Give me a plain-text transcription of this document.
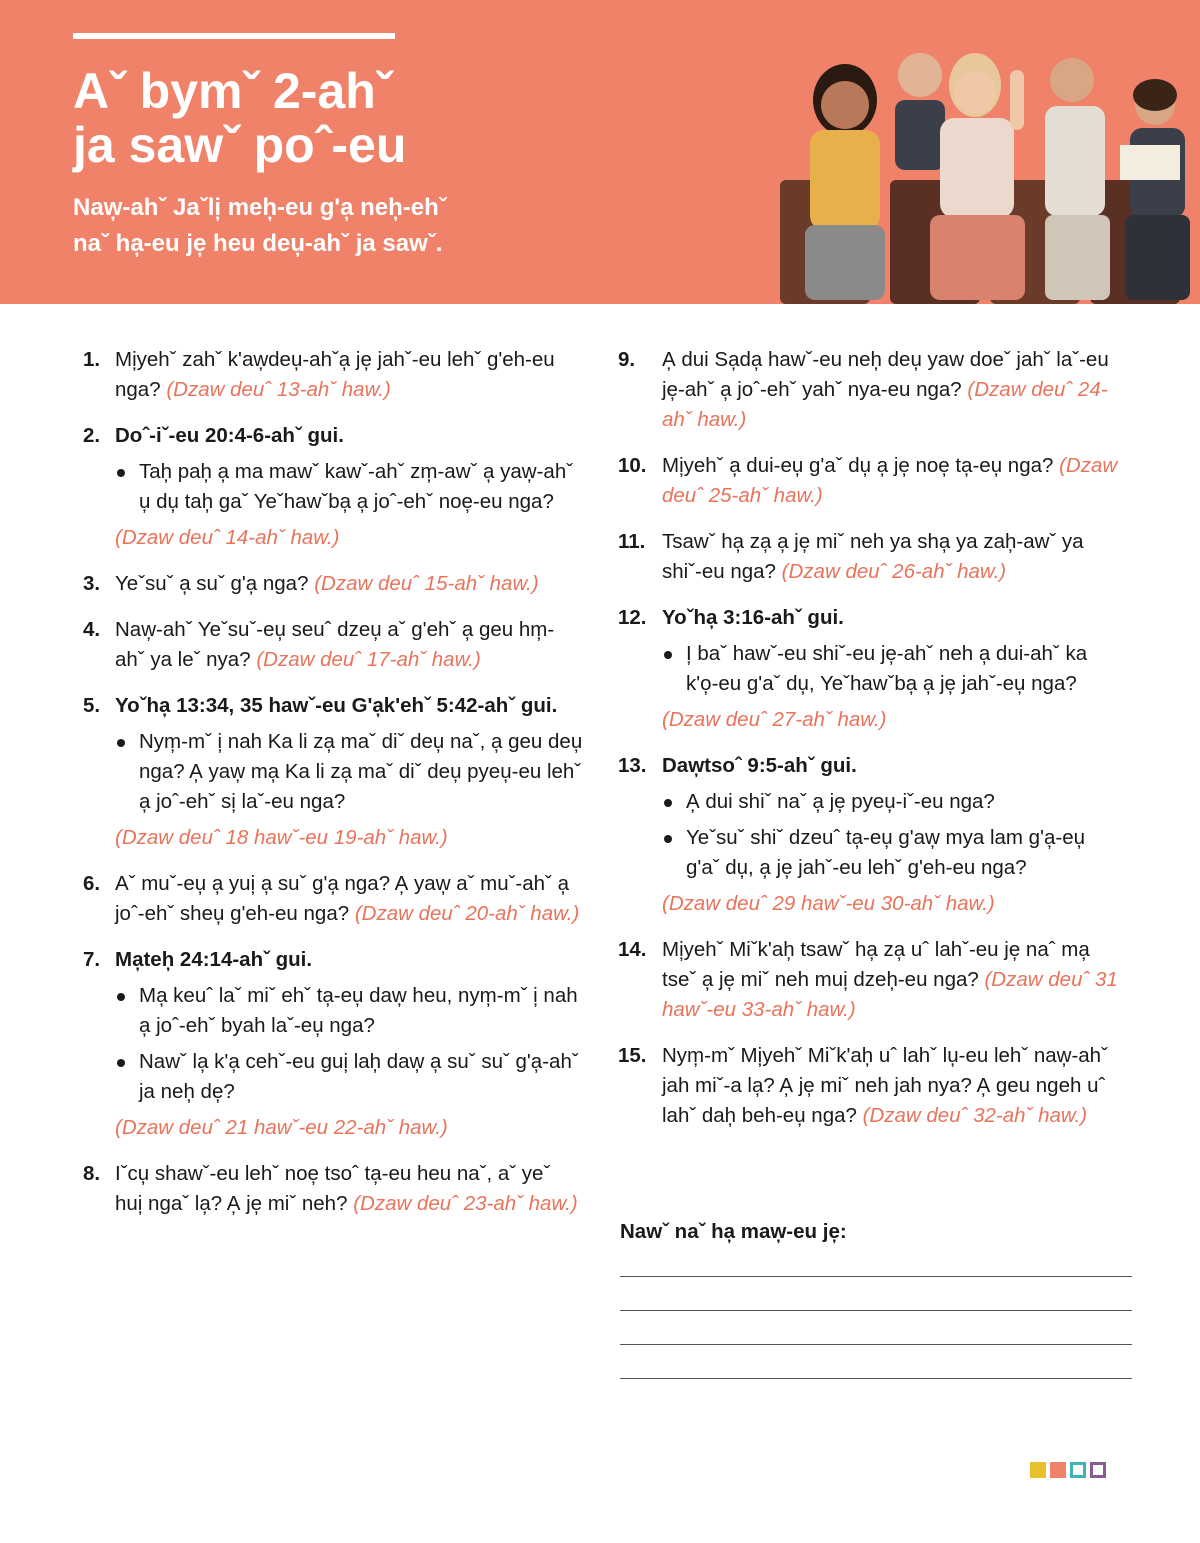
Aˇ bymˇ 2-ahˇ
ja sawˇ poˆ-eu

Naw̦-ahˇ Jaˇli̦ meh̦-eu g'a̦ neh̦-ehˇ
naˇ ha̦-eu je̦ heu deu̦-ahˇ ja sawˇ.

1. Mi̦yehˇ zahˇ k'aw̦deu̦-ahˇa̦ je̦ jahˇ-eu lehˇ g'eh-eu nga? (Dzaw deuˆ 13-ahˇ haw.)
2. Doˆ-iˇ-eu 20:4-6-ahˇ gui.
Tah̦ pah̦ a̦ ma mawˇ kawˇ-ahˇ zm̦-awˇ a̦ yaw̦-ahˇ u̦ du̦ tah̦ gaˇ Yeˇhawˇba̦ a̦ joˆ-ehˇ noe̦-eu nga?
(Dzaw deuˆ 14-ahˇ haw.)
3. Yeˇsuˇ a̦ suˇ g'a̦ nga? (Dzaw deuˆ 15-ahˇ haw.)
4. Naw̦-ahˇ Yeˇsuˇ-eu̦ seuˆ dzeu̦ aˇ g'ehˇ a̦ geu hm̦-ahˇ ya leˇ nya? (Dzaw deuˆ 17-ahˇ haw.)
5. Yoˇha̦ 13:34, 35 hawˇ-eu G'a̦k'ehˇ 5:42-ahˇ gui.
Nym̦-mˇ i̦ nah Ka li za̦ maˇ diˇ deu̦ naˇ, a̦ geu deu̦ nga? A̦ yaw̦ ma̦ Ka li za̦ maˇ diˇ deu̦ pyeu̦-eu lehˇ a̦ joˆ-ehˇ si̦ laˇ-eu nga?
(Dzaw deuˆ 18 hawˇ-eu 19-ahˇ haw.)
6. Aˇ muˇ-eu̦ a̦ yui̦ a̦ suˇ g'a̦ nga? A̦ yaw̦ aˇ muˇ-ahˇ a̦ joˆ-ehˇ sheu̦ g'eh-eu nga? (Dzaw deuˆ 20-ahˇ haw.)
7. Ma̦teh̦ 24:14-ahˇ gui.
Ma̦ keuˆ laˇ miˇ ehˇ ta̦-eu̦ daw̦ heu, nym̦-mˇ i̦ nah a̦ joˆ-ehˇ byah laˇ-eu̦ nga?
Nawˇ la̦ k'a̦ cehˇ-eu gui̦ lah̦ daw̦ a̦ suˇ suˇ g'a̦-ahˇ ja neh̦ de̦?
(Dzaw deuˆ 21 hawˇ-eu 22-ahˇ haw.)
8. Iˇcu̦ shawˇ-eu lehˇ noe̦ tsoˆ ta̦-eu heu naˇ, aˇ yeˇ hui̦ ngaˇ la̦? A̦ je̦ miˇ neh? (Dzaw deuˆ 23-ahˇ haw.)
9.	A̦ dui Sa̦da̦ hawˇ-eu neh̦ deu̦ yaw doeˇ jahˇ laˇ-eu je̦-ahˇ a̦ joˆ-ehˇ yahˇ nya-eu nga? (Dzaw deuˆ 24-ahˇ haw.)
10. Mi̦yehˇ a̦ dui-eu̦ g'aˇ du̦ a̦ je̦ noe̦ ta̦-eu̦ nga? (Dzaw deuˆ 25-ahˇ haw.)
11. Tsawˇ ha̦ za̦ a̦ je̦ miˇ neh ya sha̦ ya zah̦-awˇ ya shiˇ-eu nga? (Dzaw deuˆ 26-ahˇ haw.)
12. Yoˇha̦ 3:16-ahˇ gui.
I̦ baˇ hawˇ-eu shiˇ-eu je̦-ahˇ neh a̦ dui-ahˇ ka k'o̦-eu g'aˇ du̦, Yeˇhawˇba̦ a̦ je̦ jahˇ-eu̦ nga?
(Dzaw deuˆ 27-ahˇ haw.)
13. Daw̦tsoˆ 9:5-ahˇ gui.
A̦ dui shiˇ naˇ a̦ je̦ pyeu̦-iˇ-eu nga?
Yeˇsuˇ shiˇ dzeuˆ ta̦-eu̦ g'aw̦ mya lam g'a̦-eu̦ g'aˇ du̦, a̦ je̦ jahˇ-eu lehˇ g'eh-eu nga?
(Dzaw deuˆ 29 hawˇ-eu 30-ahˇ haw.)
14. Mi̦yehˇ Miˇk'ah̦ tsawˇ ha̦ za̦ uˆ lahˇ-eu je̦ naˆ ma̦ tseˇ a̦ je̦ miˇ neh mui̦ dzeh̦-eu nga? (Dzaw deuˆ 31 hawˇ-eu 33-ahˇ haw.)
15. Nym̦-mˇ Mi̦yehˇ Miˇk'ah̦ uˆ lahˇ lu̦-eu lehˇ naw̦-ahˇ jah miˇ-a la̦? A̦ je̦ miˇ neh jah nya? A̦ geu ngeh uˆ lahˇ dah̦ beh-eu̦ nga? (Dzaw deuˆ 32-ahˇ haw.)
Nawˇ naˇ ha̦ maw̦-eu je̦:
